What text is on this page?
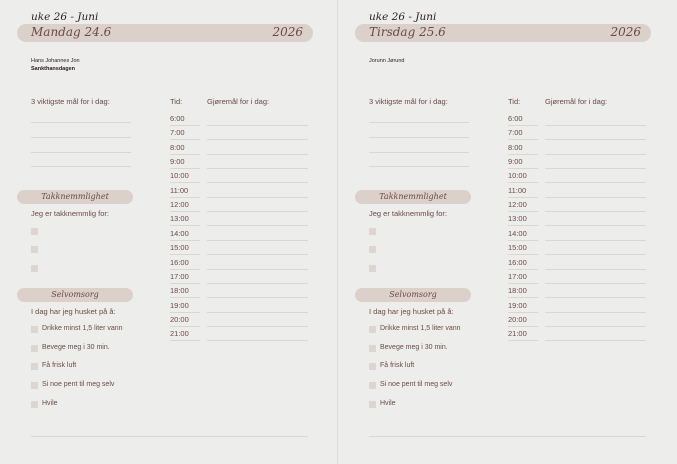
uke 26 - Juni
Mandag 24.6	2026
Hans Johannes Jon
Sankthansdagen
3 viktigste mål for i dag:
Takknemmlighet
Jeg er takknemmlig for:
Selvomsorg
I dag har jeg husket på å:
Drikke minst 1,5 liter vann
Bevege meg i 30 min.
Få frisk luft
Si noe pent til meg selv
Hvile
Tid:	Gjøremål for i dag:
6:00
7:00
8:00
9:00
10:00
11:00
12:00
13:00
14:00
15:00
16:00
17:00
18:00
19:00
20:00
21:00
uke 26 - Juni
Tirsdag 25.6	2026
Jorunn Jørund
3 viktigste mål for i dag:
Takknemmlighet
Jeg er takknemmlig for:
Selvomsorg
I dag har jeg husket på å:
Drikke minst 1,5 liter vann
Bevege meg i 30 min.
Få frisk luft
Si noe pent til meg selv
Hvile
Tid:	Gjøremål for i dag:
6:00
7:00
8:00
9:00
10:00
11:00
12:00
13:00
14:00
15:00
16:00
17:00
18:00
19:00
20:00
21:00
